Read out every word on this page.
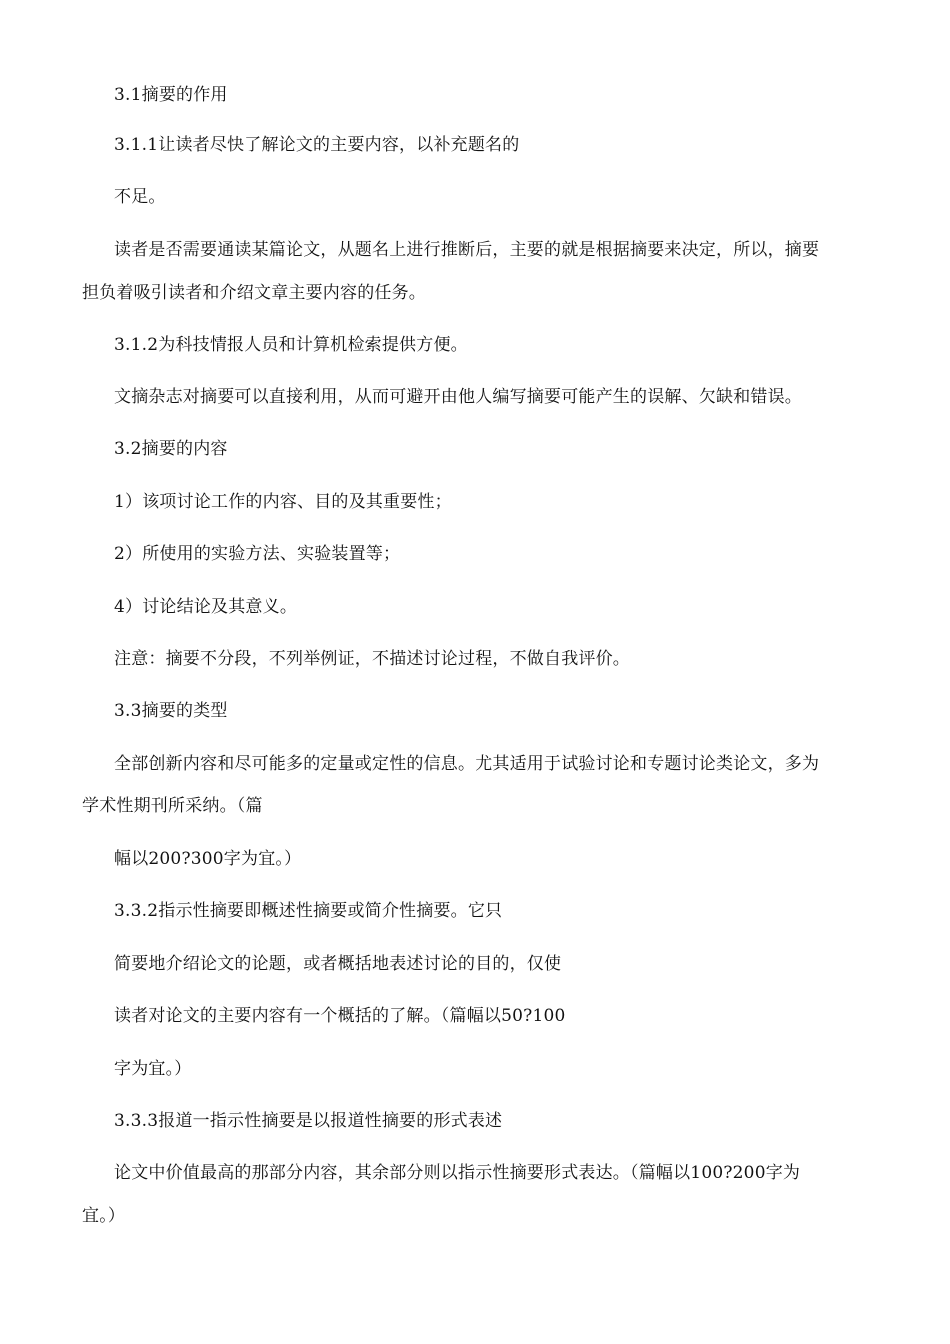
3.1摘要的作用
3.1.1让读者尽快了解论文的主要内容，以补充题名的
不足。
读者是否需要通读某篇论文，从题名上进行推断后，主要的就是根据摘要来决定，所以，摘要
担负着吸引读者和介绍文章主要内容的任务。
3.1.2为科技情报人员和计算机检索提供方便。
文摘杂志对摘要可以直接利用，从而可避开由他人编写摘要可能产生的误解、欠缺和错误。
3.2摘要的内容
1）该项讨论工作的内容、目的及其重要性；
2）所使用的实验方法、实验装置等；
4）讨论结论及其意义。
注意：摘要不分段，不列举例证，不描述讨论过程，不做自我评价。
3.3摘要的类型
全部创新内容和尽可能多的定量或定性的信息。尤其适用于试验讨论和专题讨论类论文，多为
学术性期刊所采纳。（篇
幅以200?300字为宜。）
3.3.2指示性摘要即概述性摘要或简介性摘要。它只
简要地介绍论文的论题，或者概括地表述讨论的目的，仅使
读者对论文的主要内容有一个概括的了解。（篇幅以50?100
字为宜。）
3.3.3报道一指示性摘要是以报道性摘要的形式表述
论文中价值最高的那部分内容，其余部分则以指示性摘要形式表达。（篇幅以100?200字为
宜。）
